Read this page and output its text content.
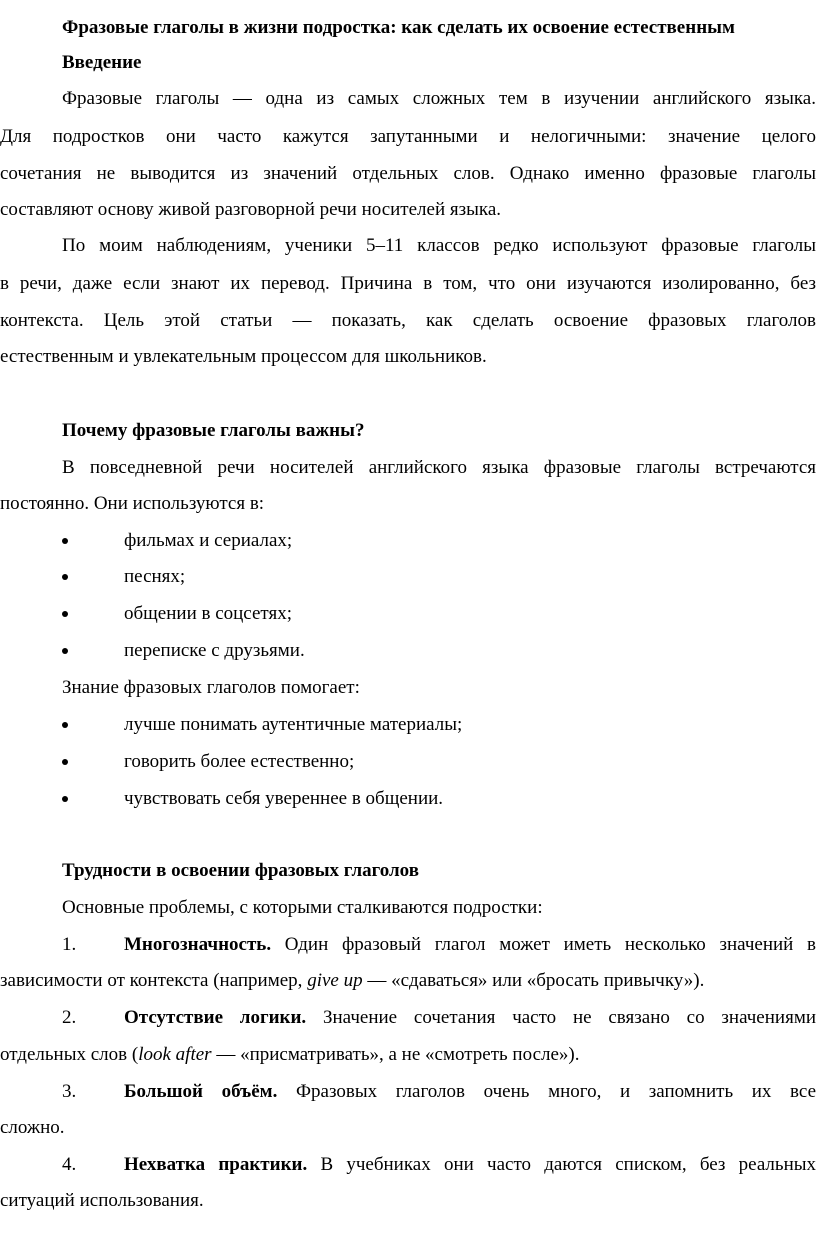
Фразовые глаголы в жизни подростка: как сделать их освоение естественным
Введение
Фразовые глаголы — одна из самых сложных тем в изучении английского языка.
Для подростков они часто кажутся запутанными и нелогичными: значение целого
сочетания не выводится из значений отдельных слов. Однако именно фразовые глаголы
составляют основу живой разговорной речи носителей языка.
По моим наблюдениям, ученики 5–11 классов редко используют фразовые глаголы
в речи, даже если знают их перевод. Причина в том, что они изучаются изолированно, без
контекста. Цель этой статьи — показать, как сделать освоение фразовых глаголов
естественным и увлекательным процессом для школьников.
Почему фразовые глаголы важны?
В повседневной речи носителей английского языка фразовые глаголы встречаются
постоянно. Они используются в:
фильмах и сериалах;
песнях;
общении в соцсетях;
переписке с друзьями.
Знание фразовых глаголов помогает:
лучше понимать аутентичные материалы;
говорить более естественно;
чувствовать себя увереннее в общении.
Трудности в освоении фразовых глаголов
Основные проблемы, с которыми сталкиваются подростки:
1.	Многозначность. Один фразовый глагол может иметь несколько значений в
зависимости от контекста (например, give up — «сдаваться» или «бросать привычку»).
2.	Отсутствие логики. Значение сочетания часто не связано со значениями
отдельных слов (look after — «присматривать», а не «смотреть после»).
3.	Большой объём. Фразовых глаголов очень много, и запомнить их все
сложно.
4.	Нехватка практики. В учебниках они часто даются списком, без реальных
ситуаций использования.
